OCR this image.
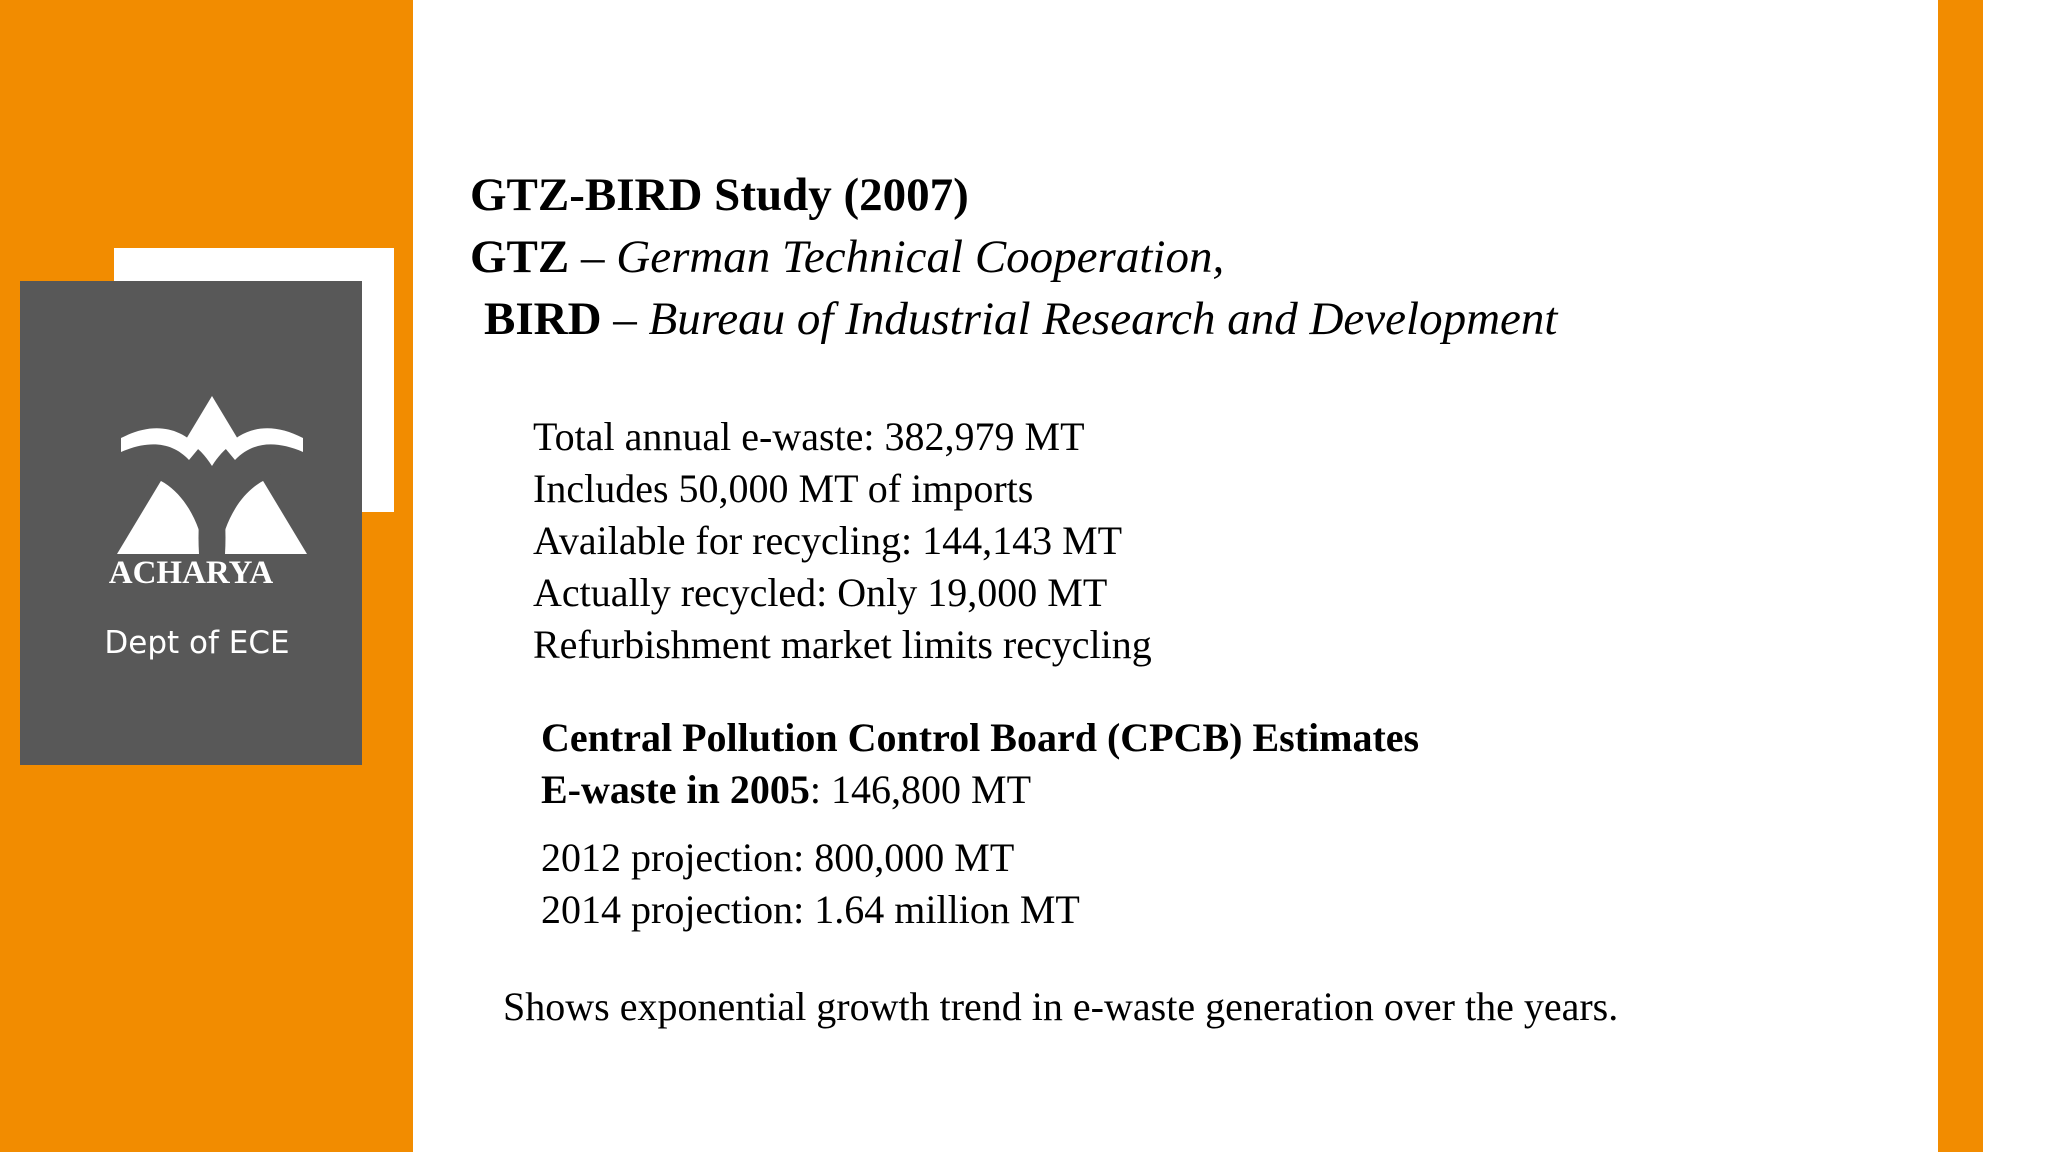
ACHARYA
Dept of ECE
GTZ-BIRD Study (2007)
GTZ – German Technical Cooperation,
BIRD – Bureau of Industrial Research and Development
Total annual e-waste: 382,979 MT
Includes 50,000 MT of imports
Available for recycling: 144,143 MT
Actually recycled: Only 19,000 MT
Refurbishment market limits recycling
Central Pollution Control Board (CPCB) Estimates
E-waste in 2005: 146,800 MT
2012 projection: 800,000 MT
2014 projection: 1.64 million MT
Shows exponential growth trend in e-waste generation over the years.
